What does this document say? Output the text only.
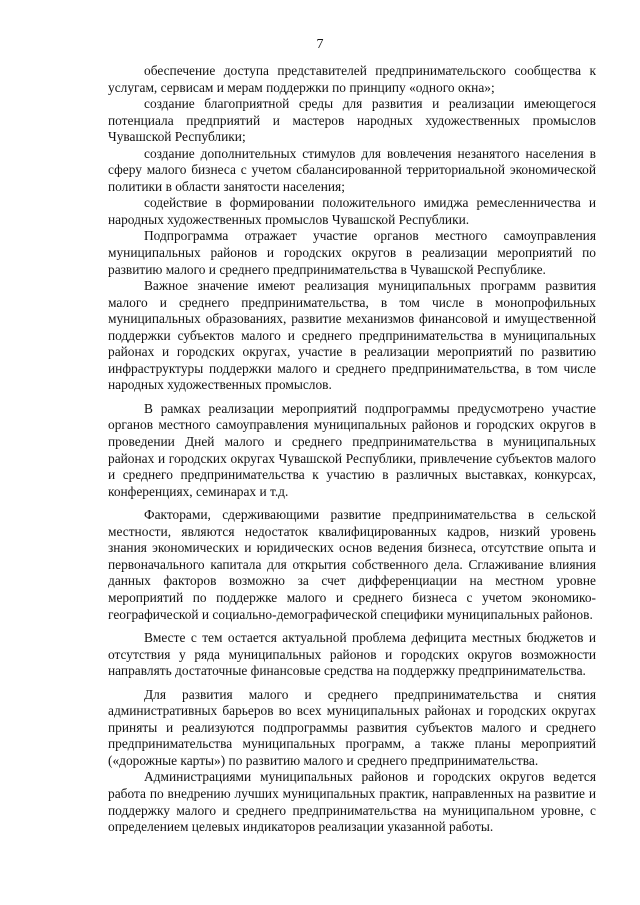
7

обеспечение доступа представителей предпринимательского сообщества к услугам, сервисам и мерам поддержки по принципу «одного окна»;

создание благоприятной среды для развития и реализации имеющегося потенциала предприятий и мастеров народных художественных промыслов Чувашской Республики;

создание дополнительных стимулов для вовлечения незанятого населения в сферу малого бизнеса с учетом сбалансированной территориальной экономической политики в области занятости населения;

содействие в формировании положительного имиджа ремесленничества и народных художественных промыслов Чувашской Республики.

Подпрограмма отражает участие органов местного самоуправления муниципальных районов и городских округов в реализации мероприятий по развитию малого и среднего предпринимательства в Чувашской Республике.

Важное значение имеют реализация муниципальных программ развития малого и среднего предпринимательства, в том числе в монопрофильных муниципальных образованиях, развитие механизмов финансовой и имущественной поддержки субъектов малого и среднего предпринимательства в муниципальных районах и городских округах, участие в реализации мероприятий по развитию инфраструктуры поддержки малого и среднего предпринимательства, в том числе народных художественных промыслов.

В рамках реализации мероприятий подпрограммы предусмотрено участие органов местного самоуправления муниципальных районов и городских округов в проведении Дней малого и среднего предпринимательства в муниципальных районах и городских округах Чувашской Республики, привлечение субъектов малого и среднего предпринимательства к участию в различных выставках, конкурсах, конференциях, семинарах и т.д.

Факторами, сдерживающими развитие предпринимательства в сельской местности, являются недостаток квалифицированных кадров, низкий уровень знания экономических и юридических основ ведения бизнеса, отсутствие опыта и первоначального капитала для открытия собственного дела. Сглаживание влияния данных факторов возможно за счет дифференциации на местном уровне мероприятий по поддержке малого и среднего бизнеса с учетом экономико-географической и социально-демографической специфики муниципальных районов.

Вместе с тем остается актуальной проблема дефицита местных бюджетов и отсутствия у ряда муниципальных районов и городских округов возможности направлять достаточные финансовые средства на поддержку предпринимательства.

Для развития малого и среднего предпринимательства и снятия административных барьеров во всех муниципальных районах и городских округах приняты и реализуются подпрограммы развития субъектов малого и среднего предпринимательства муниципальных программ, а также планы мероприятий («дорожные карты») по развитию малого и среднего предпринимательства.

Администрациями муниципальных районов и городских округов ведется работа по внедрению лучших муниципальных практик, направленных на развитие и поддержку малого и среднего предпринимательства на муниципальном уровне, с определением целевых индикаторов реализации указанной работы.
